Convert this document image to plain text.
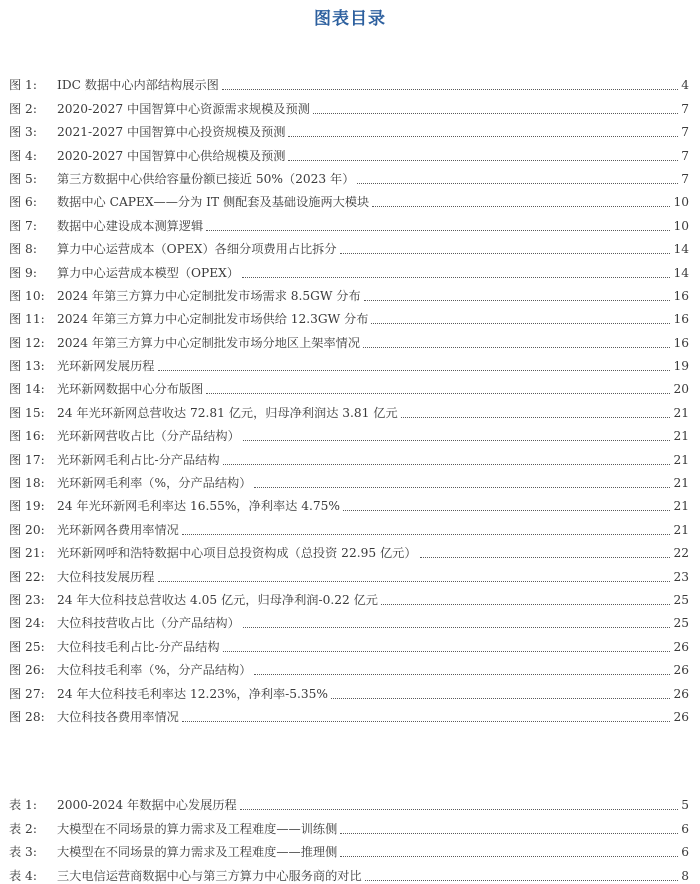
图表目录
图 1:	IDC 数据中心内部结构展示图	4
图 2:	2020-2027 中国智算中心资源需求规模及预测	7
图 3:	2021-2027 中国智算中心投资规模及预测	7
图 4:	2020-2027 中国智算中心供给规模及预测	7
图 5:	第三方数据中心供给容量份额已接近 50%（2023 年）	7
图 6:	数据中心 CAPEX——分为 IT 侧配套及基础设施两大模块	10
图 7:	数据中心建设成本测算逻辑	10
图 8:	算力中心运营成本（OPEX）各细分项费用占比拆分	14
图 9:	算力中心运营成本模型（OPEX）	14
图 10:	2024 年第三方算力中心定制批发市场需求 8.5GW 分布	16
图 11:	2024 年第三方算力中心定制批发市场供给 12.3GW 分布	16
图 12:	2024 年第三方算力中心定制批发市场分地区上架率情况	16
图 13:	光环新网发展历程	19
图 14:	光环新网数据中心分布版图	20
图 15:	24 年光环新网总营收达 72.81 亿元，归母净利润达 3.81 亿元	21
图 16:	光环新网营收占比（分产品结构）	21
图 17:	光环新网毛利占比-分产品结构	21
图 18:	光环新网毛利率（%，分产品结构）	21
图 19:	24 年光环新网毛利率达 16.55%，净利率达 4.75%	21
图 20:	光环新网各费用率情况	21
图 21:	光环新网呼和浩特数据中心项目总投资构成（总投资 22.95 亿元）	22
图 22:	大位科技发展历程	23
图 23:	24 年大位科技总营收达 4.05 亿元，归母净利润-0.22 亿元	25
图 24:	大位科技营收占比（分产品结构）	25
图 25:	大位科技毛利占比-分产品结构	26
图 26:	大位科技毛利率（%，分产品结构）	26
图 27:	24 年大位科技毛利率达 12.23%，净利率-5.35%	26
图 28:	大位科技各费用率情况	26
表 1:	2000-2024 年数据中心发展历程	5
表 2:	大模型在不同场景的算力需求及工程难度——训练侧	6
表 3:	大模型在不同场景的算力需求及工程难度——推理侧	6
表 4:	三大电信运营商数据中心与第三方算力中心服务商的对比	8
